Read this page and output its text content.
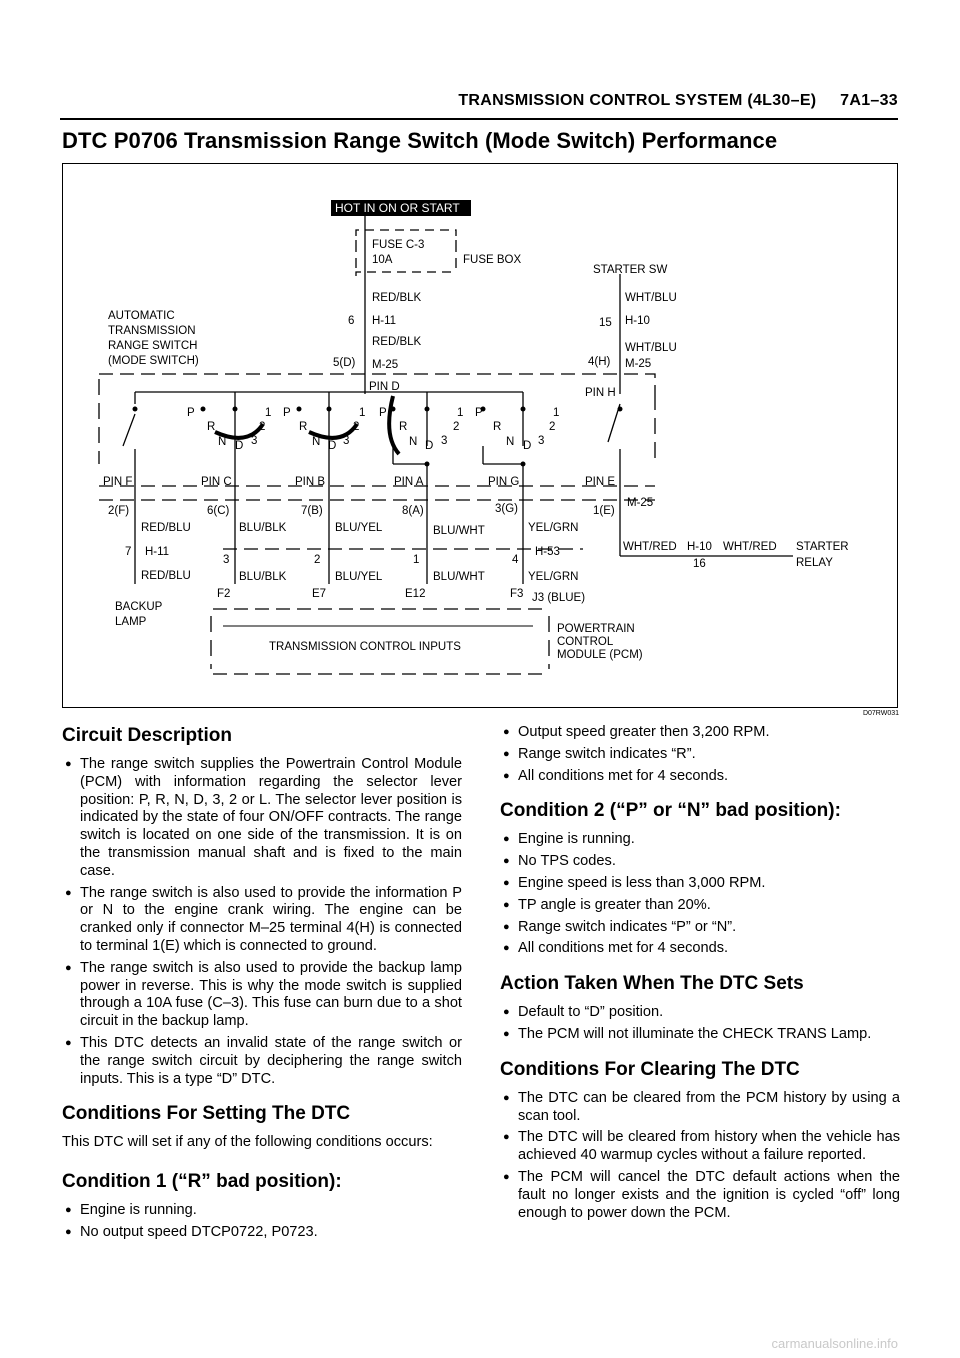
TRANSMISSION CONTROL SYSTEM (4L30–E)     7A1–33
DTC P0706 Transmission Range Switch (Mode Switch) Performance
HOT IN ON OR START
FUSE C-3
10A	FUSE BOX
STARTER SW
AUTOMATIC
TRANSMISSION
RANGE SWITCH
(MODE SWITCH)
RED/BLK
H-11
RED/BLK
M-25
6
5(D)
PIN D
WHT/BLU
H-10
WHT/BLU
M-25
15
4(H)
PIN H
P
R
N D 3
2
1 P
R
N D 3
2
1 P
R
N D 3
2
1 P
R
N D 3
2
1
PIN F	PIN C	PIN B	PIN A	PIN G	PIN E
2(F)	6(C)	7(B)	8(A)	3(G)	1(E)
M-25
RED/BLU	BLU/BLK	BLU/YEL	BLU/WHT	YEL/GRN
7
3	2	1	4
H-11	H-53
RED/BLU	BLU/BLK	BLU/YEL	BLU/WHT	YEL/GRN
F2	E7	E12	F3 J3 (BLUE)
BACKUP
LAMP
WHT/RED H-10 WHT/RED
16
STARTER
RELAY
TRANSMISSION CONTROL INPUTS
POWERTRAIN
CONTROL
MODULE (PCM)
D07RW031
Circuit Description
● The range switch supplies the Powertrain Control Module (PCM) with information regarding the selector lever position: P, R, N, D, 3, 2 or L. The selector lever position is indicated by the state of four ON/OFF contracts. The range switch is located on one side of the transmission. It is on the transmission manual shaft and is fixed to the main case.
● The range switch is also used to provide the information P or N to the engine crank wiring. The engine can be cranked only if connector M–25 terminal 4(H) is connected to terminal 1(E) which is connected to ground.
● The range switch is also used to provide the backup lamp power in reverse. This is why the mode switch is supplied through a 10A fuse (C–3). This fuse can burn due to a shot circuit in the backup lamp.
● This DTC detects an invalid state of the range switch or the range switch circuit by deciphering the range switch inputs. This is a type “D” DTC.
Conditions For Setting The DTC

This DTC will set if any of the following conditions occurs:

Condition 1 (“R” bad position):
● Engine is running.
● No output speed DTCP0722, P0723.
● Output speed greater then 3,200 RPM.
● Range switch indicates “R”.
● All conditions met for 4 seconds.
Condition 2 (“P” or “N” bad position):
● Engine is running.
● No TPS codes.
● Engine speed is less than 3,000 RPM.
● TP angle is greater than 20%.
● Range switch indicates “P” or “N”.
● All conditions met for 4 seconds.
Action Taken When The DTC Sets
● Default to “D” position.
● The PCM will not illuminate the CHECK TRANS Lamp.
Conditions For Clearing The DTC
● The DTC can be cleared from the PCM history by using a scan tool.
● The DTC will be cleared from history when the vehicle has achieved 40 warmup cycles without a failure reported.
● The PCM will cancel the DTC default actions when the fault no longer exists and the ignition is cycled “off” long enough to power down the PCM.
carmanualsonline.info
